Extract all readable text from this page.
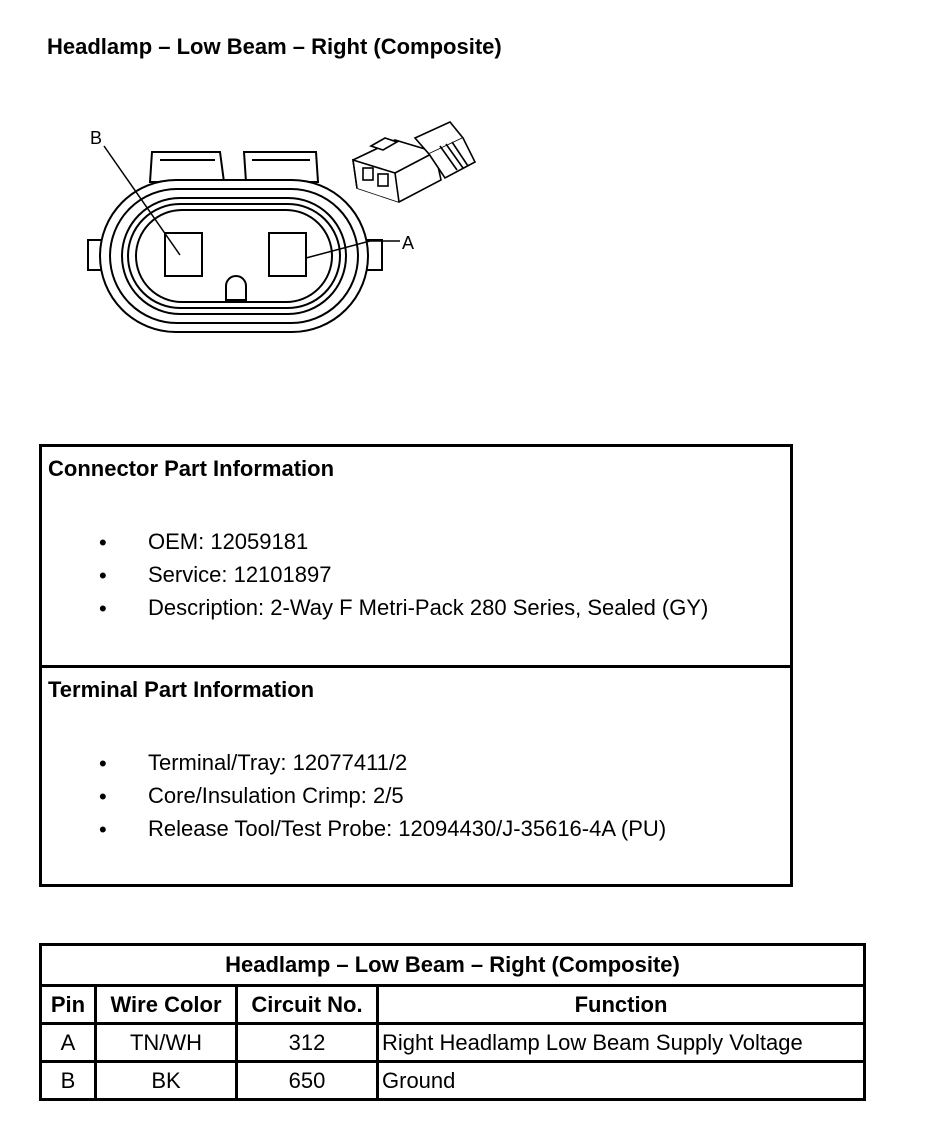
Headlamp – Low Beam – Right (Composite)
B
A
Connector Part Information
• OEM: 12059181
• Service: 12101897
• Description: 2-Way F Metri-Pack 280 Series, Sealed (GY)
Terminal Part Information
• Terminal/Tray: 12077411/2
• Core/Insulation Crimp: 2/5
• Release Tool/Test Probe: 12094430/J-35616-4A (PU)
Headlamp – Low Beam – Right (Composite)			
Pin	Wire Color	Circuit No.	Function
A	TN/WH	312	Right Headlamp Low Beam Supply Voltage
B	BK	650	Ground
